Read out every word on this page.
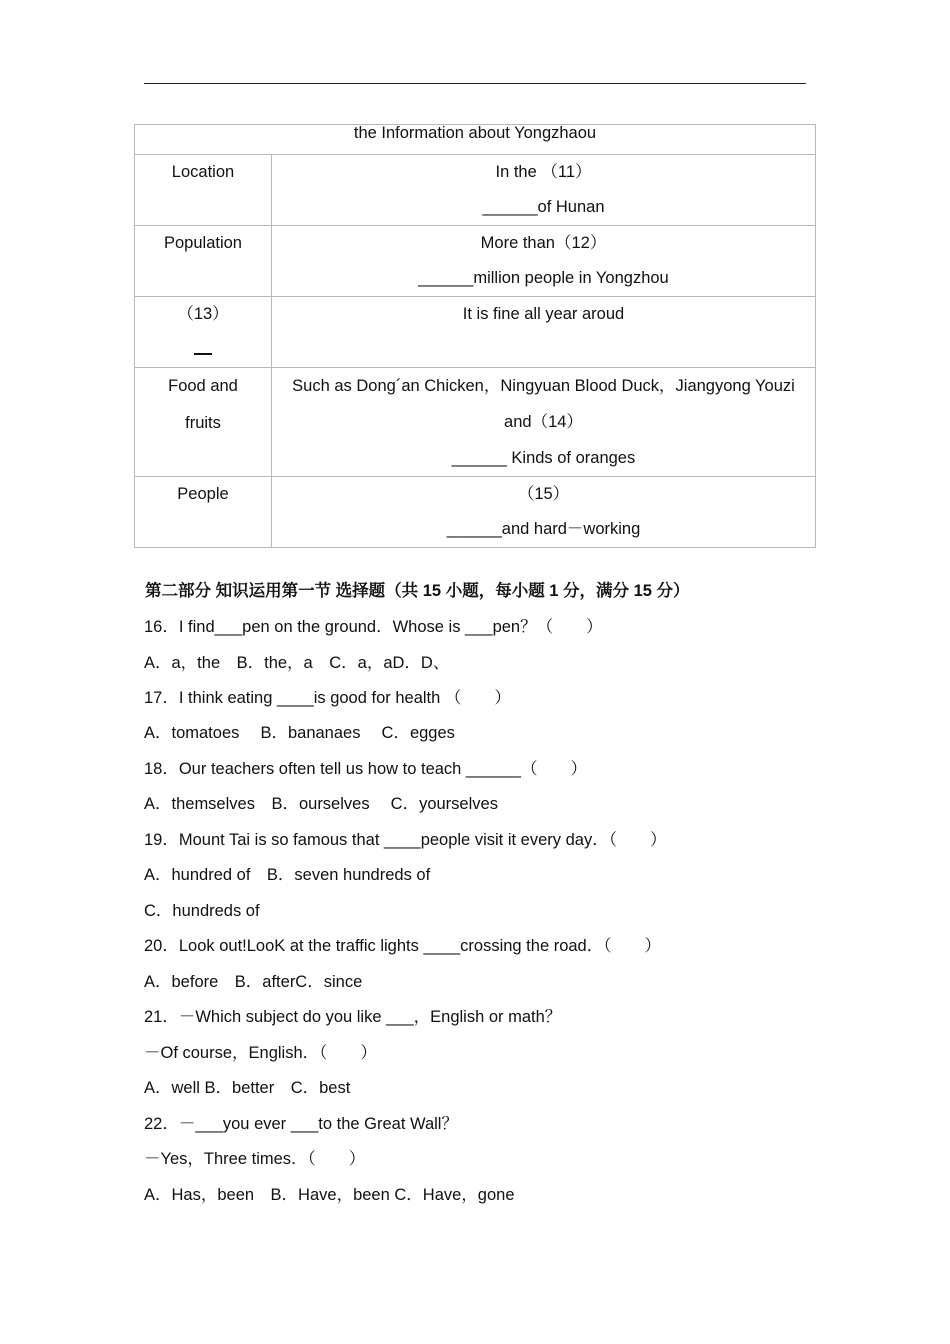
the Information about Yongzhaou	

Location	In the （11）
______of Hunan

Population	More than（12）
______million people in Yongzhou

（13）	It is fine all year aroud

Food and
fruits	Such as Dong´an Chicken，Ningyuan Blood Duck，Jiangyong Youzi
and（14）
______ Kinds of oranges

People	（15）
______and hard－working
第二部分 知识运用第一节 选择题（共 15 小题，每小题 1 分，满分 15 分）
16．I find___pen on the ground．Whose is ___pen？（　　）
A．a，the　B．the，a　C．a，aD．D、
17．I think eating ____is good for health （　　）
A．tomatoes　 B．bananaes　 C．egges
18．Our teachers often tell us how to teach ______（　　）
A．themselves　B．ourselves　 C．yourselves
19．Mount Tai is so famous that ____people visit it every day．（　　）
A．hundred of　B．seven hundreds of
C．hundreds of
20．Look out!LooK at the traffic lights ____crossing the road．（　　）
A．before　B．afterC．since
21．－Which subject do you like ___，English or math？
－Of course，English．（　　）
A．well B．better　C．best
22．－___you ever ___to the Great Wall？
－Yes，Three times．（　　）
A．Has，been　B．Have，been C．Have，gone
